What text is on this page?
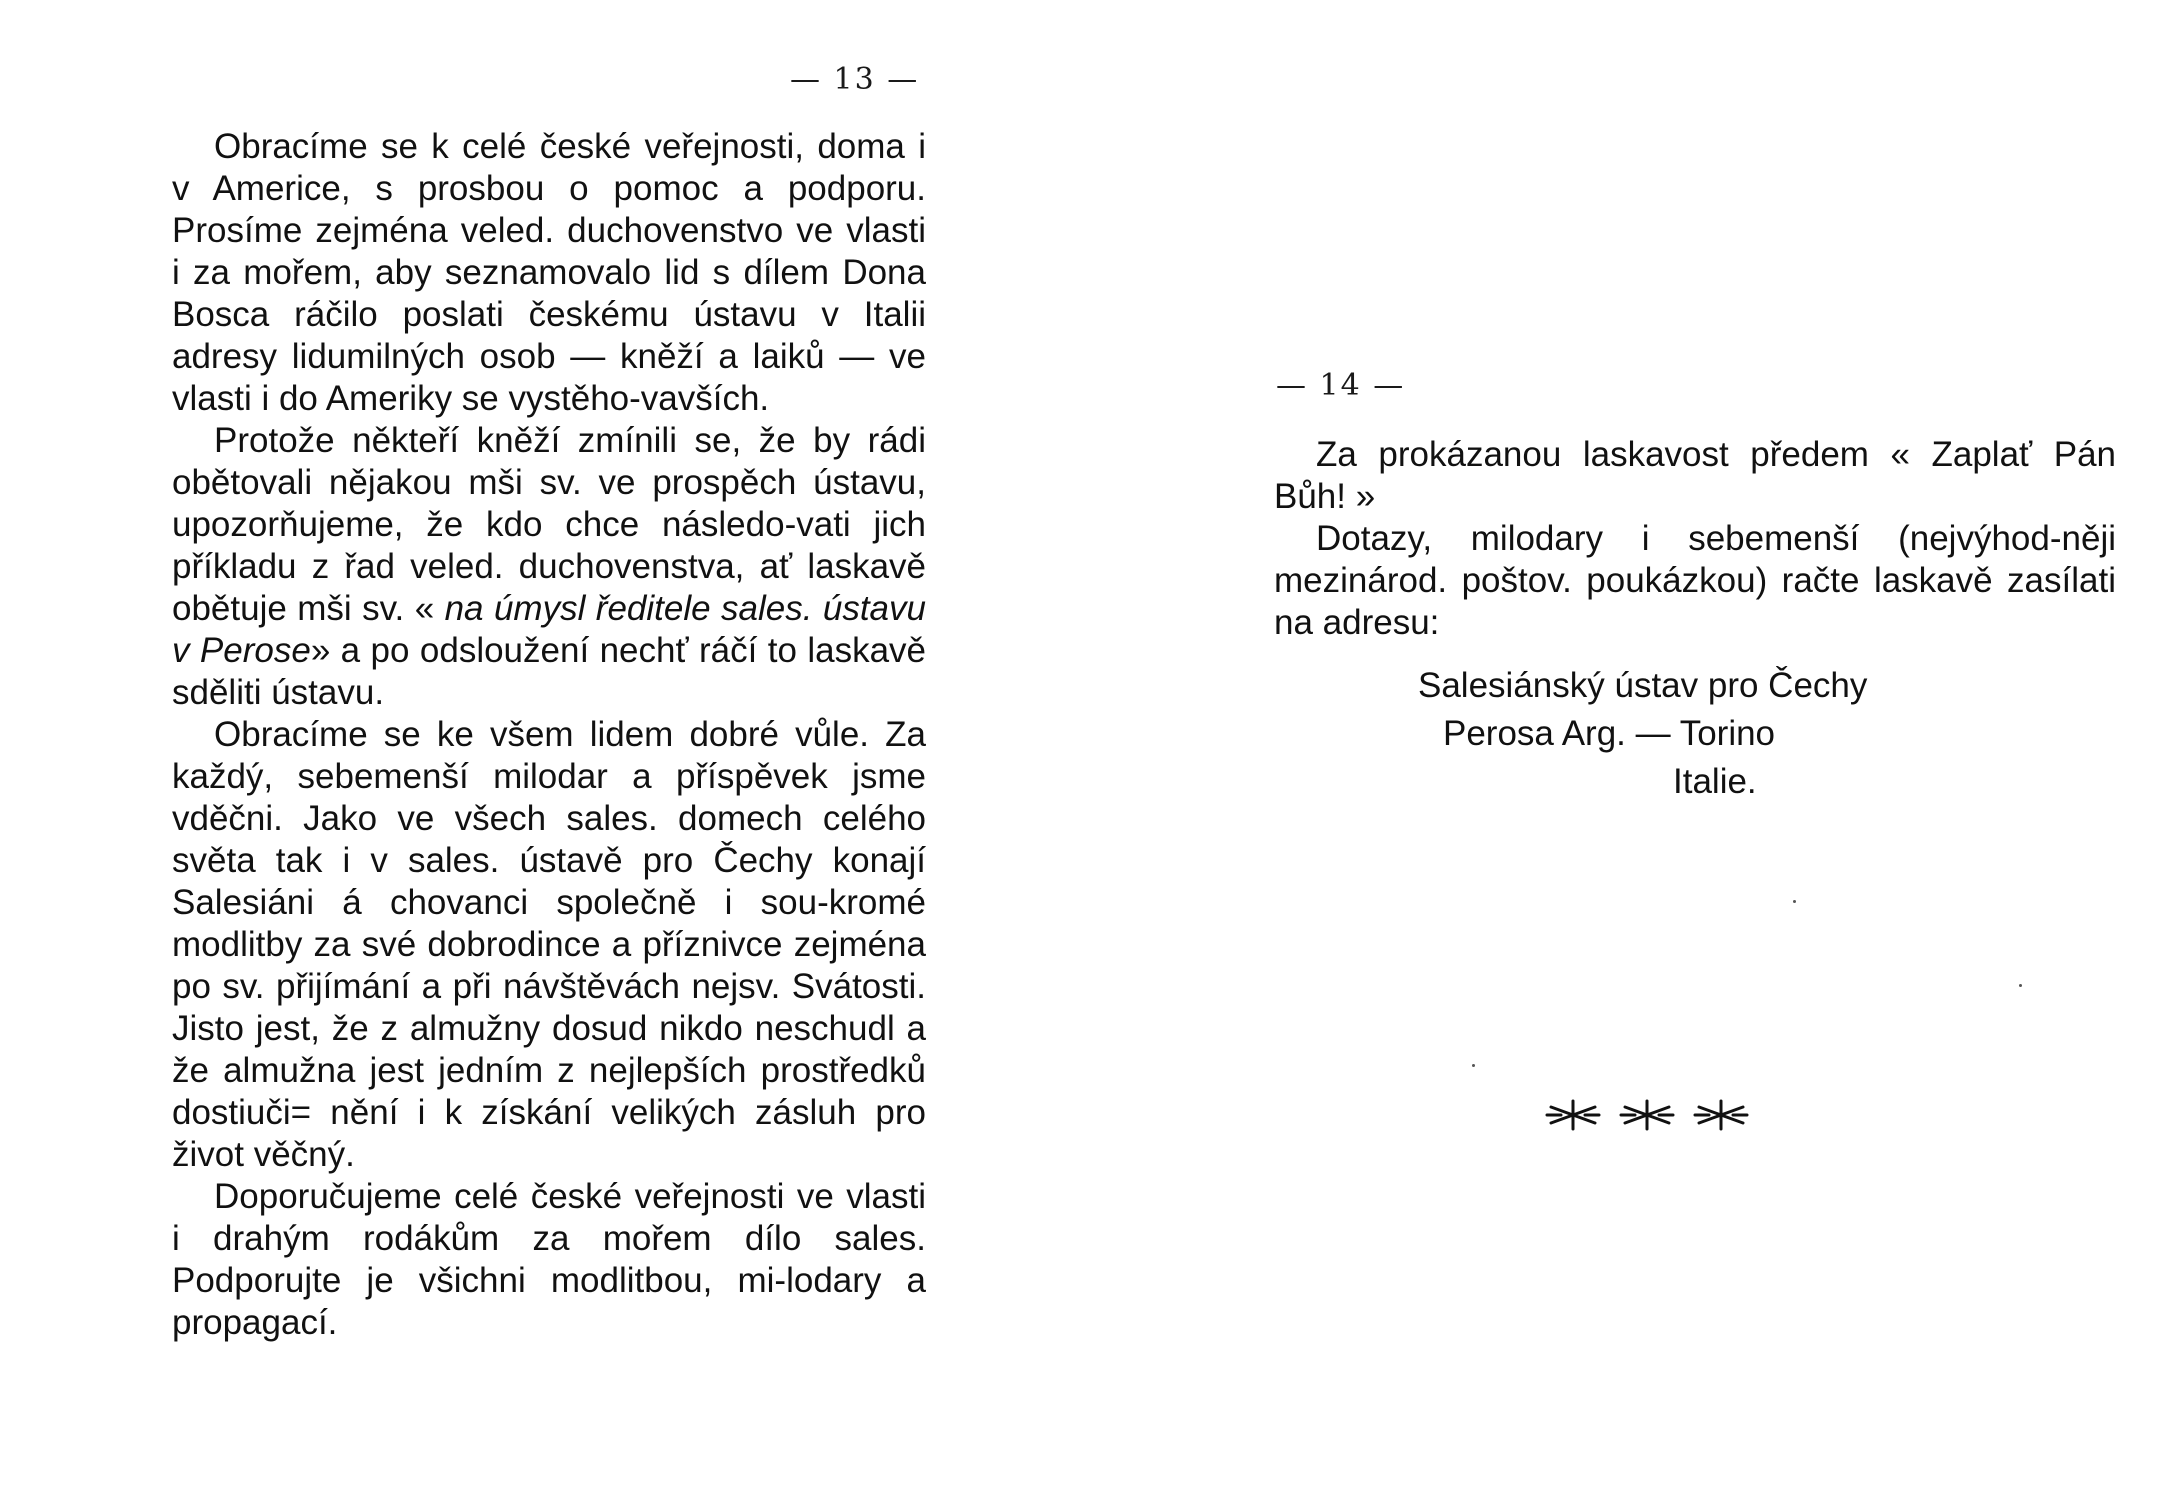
— 13 —

Obracíme se k celé české veřejnosti, doma i v Americe, s prosbou o pomoc a podporu. Prosíme zejména veled. duchovenstvo ve vlasti i za mořem, aby seznamovalo lid s dílem Dona Bosca ráčilo poslati českému ústavu v Italii adresy lidumilných osob — kněží a laiků — ve vlasti i do Ameriky se vystěho-vavších.

Protože někteří kněží zmínili se, že by rádi obětovali nějakou mši sv. ve prospěch ústavu, upozorňujeme, že kdo chce následo-vati jich příkladu z řad veled. duchovenstva, ať laskavě obětuje mši sv. « na úmysl ředitele sales. ústavu v Perose» a po odsloužení nechť ráčí to laskavě sděliti ústavu.

Obracíme se ke všem lidem dobré vůle. Za každý, sebemenší milodar a příspěvek jsme vděčni. Jako ve všech sales. domech celého světa tak i v sales. ústavě pro Čechy konají Salesiáni á chovanci společně i sou-kromé modlitby za své dobrodince a příznivce zejména po sv. přijímání a při návštěvách nejsv. Svátosti. Jisto jest, že z almužny dosud nikdo neschudl a že almužna jest jedním z nejlepších prostředků dostiuči= nění i k získání velikých zásluh pro život věčný.

Doporučujeme celé české veřejnosti ve vlasti i drahým rodákům za mořem dílo sales. Podporujte je všichni modlitbou, mi-lodary a propagací.

— 14 —

Za prokázanou laskavost předem « Zaplať Pán Bůh! »

Dotazy, milodary i sebemenší (nejvýhod-něji mezinárod. poštov. poukázkou) račte laskavě zasílati na adresu:

Salesiánský ústav pro Čechy
Perosa Arg. — Torino
Italie.
